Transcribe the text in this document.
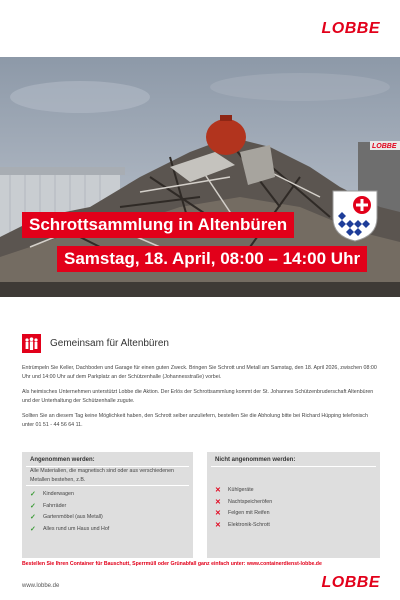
LOBBE
LOBBE
Schrottsammlung in Altenbüren
Samstag, 18. April, 08:00 – 14:00 Uhr
Gemeinsam für Altenbüren
Entrümpeln Sie Keller, Dachboden und Garage für einen guten Zweck. Bringen Sie Schrott und Metall am Samstag, den 18. April 2026, zwischen 08:00 Uhr und 14:00 Uhr auf dem Parkplatz an der Schützenhalle (Johannesstraße) vorbei.
Als heimisches Unternehmen unterstützt Lobbe die Aktion. Der Erlös der Schrottsammlung kommt der St. Johannes Schützenbruderschaft Altenbüren und der Unterhaltung der Schützenhalle zugute.
Sollten Sie an diesem Tag keine Möglichkeit haben, den Schrott selber anzuliefern, bestellen Sie die Abholung bitte bei Richard Hüpping telefonisch unter 01 51 - 44 56 64 11.
Angenommen werden:
Alle Materialien, die magnetisch sind oder aus verschiedenen Metallen bestehen, z.B.
✓	Kinderwagen
✓	Fahrräder
✓	Gartenmöbel (aus Metall)
✓	Alles rund um Haus und Hof
Nicht angenommen werden:
✕	Kühlgeräte
✕	Nachtspeicheröfen
✕	Felgen mit Reifen
✕	Elektronik-Schrott
Bestellen Sie Ihren Container für Bauschutt, Sperrmüll oder Grünabfall ganz einfach unter: www.containerdienst-lobbe.de
www.lobbe.de	LOBBE
